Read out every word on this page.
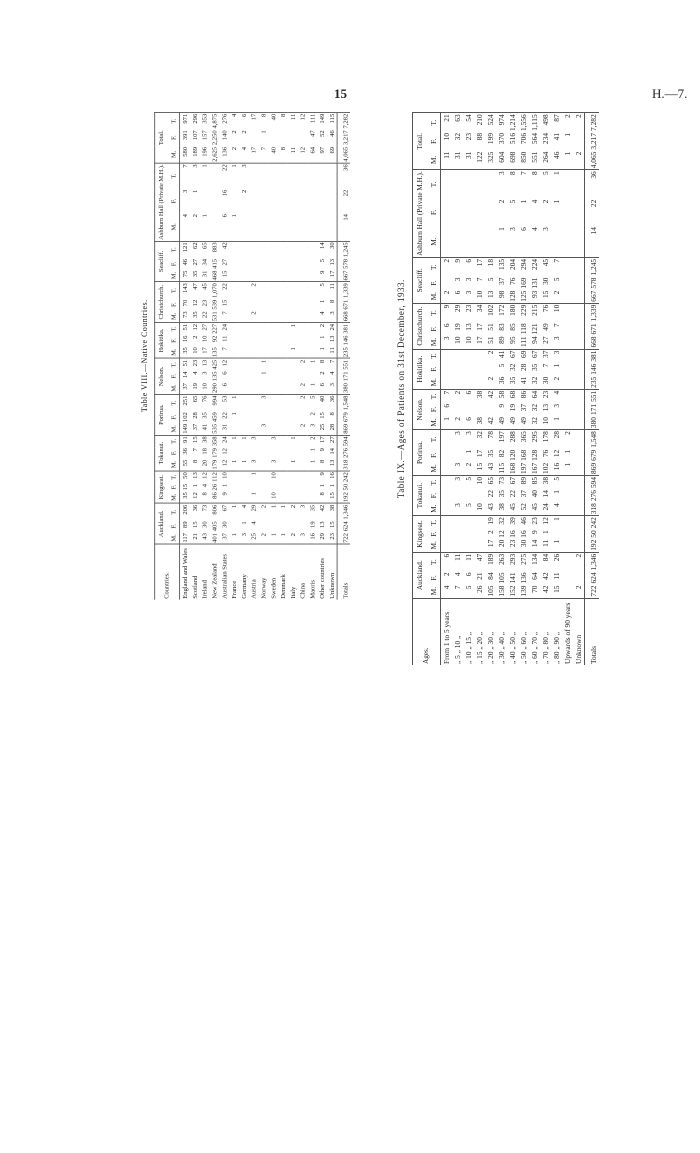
15	H.—7.
Table VIII.—Native Countries.
Countries.	Auckland.			Kingseat.			Tokanui.			Porirua.			Nelson.			Hokitika.			Christchurch.			Seacliff.			Ashburn Hall (Private M.H.).			Total.		
	M.	F.	T.	M.	F.	T.	M.	F.	T.	M.	F.	T.	M.	F.	T.	M.	F.	T.	M.	F.	T.	M.	F.	T.	M.	F.	T.	M.	F.	T.
England and Wales	117	89	206	35	15	50	55	36	91	149	102	251	37	14	51	35	16	51	73	70	143	75	46	121	4	3	7	580	391	971
Scotland	21	15	36	12	1	13	8	7	15	37	28	65	19	4	23	10	2	12	35	12	47	35	27	62	2	1	3	189	107	296
Ireland	43	30	73	8	4	12	20	18	38	41	35	76	10	3	13	17	10	27	22	23	45	31	34	65	1		1	196	157	353
New Zealand	401	405	806	86	26	112	179	179	358	535	459	994	290	135	425	135	92	227	531	539	1,070	468	415	883				2,625	2,250	4,875
Australian States	37	30	67	9	1	10	12	12	24	31	22	53	6	6	12	7	11	24	7	15	22	15	27	42	6	16	22	136	140	276
France	1		1				1		1		1	1													1		1	2	2	4
Germany	3	1	4				1		1																	2	3	4	2	6
Austria	25	4	29	1		1	3		3										2		2							17		17
Norway	2		2							3		3		1	1													7	1	8
Sweden	1		1	10		10	3		3																			40		40
Denmark	1		1																									8		8
Italy	2		2				1		1							1		1										11		11
China	3		3							2		2	2		2													12		12
Maoris	16	19	35				1	1	2	3	2	5	1		1													64	47	111
Other countries	29	13	42	8	1	9	8	9	17	25	15	40	6	2	8	1	1	2	4	1	5	9	5	14				97	52	149
Unknown	23	15	38	15	1	16	13	14	27	28	8	36	3	4	7	11	13	24	3	8	11	17	13	30				69	46	115
Totals	722	624	1,346	192	50	242	318	276	594	869	679	1,548	380	171	551	235	146	381	668	671	1,339	667	578	1,245	14	22	36	4,065	3,217	7,282
Table IX.—Ages of Patients on 31st December, 1933.
Ages.	Auckland.			Kingseat.			Tokanui.			Porirua.			Nelson.			Hokitika.			Christchurch.			Seacliff.			Ashburn Hall (Private M.H.).			Total.		
	M.	F.	T.	M.	F.	T.	M.	F.	T.	M.	F.	T.	M.	F.	T.	M.	F.	T.	M.	F.	T.	M.	F.	T.	M.	F.	T.	M.	F.	T.
From 1 to 5 years	4	2	6										1	6	7				3	6	9	2		2				11	10	21
„ 5 „ 10 „	7	4	11				3		3	3		3	2		2				10	19	29	6	3	9				31	32	63
„ 10 „ 15 „	5	6	11				5		5	2	1	3	6		6				10	13	23	3	3	6				31	23	54
„ 15 „ 20 „	26	21	47				10		10	15	17	32	38		38				17	17	34	10	7	17				122	88	210
„ 20 „ 30 „	105	84	189	17	2	19	43	22	65	43	35	78	42		42	2		2	51	51	102	13	5	18				325	199	524
„ 30 „ 40 „	158	105	263	20	12	32	38	35	73	115	82	197	49	9	58	36	5	41	89	83	172	98	37	135	1	2	3	604	370	974
„ 40 „ 50 „	152	141	293	23	16	39	45	22	67	168	120	288	49	19	68	35	32	67	95	85	180	128	76	204	3	5	8	698	516	1,214
„ 50 „ 60 „	139	136	275	30	16	46	52	37	89	197	168	365	49	37	86	41	28	69	111	118	229	125	169	294	6	1	7	850	706	1,556
„ 60 „ 70 „	70	64	134	14	9	23	45	40	85	167	128	295	32	32	64	32	35	67	94	121	215	93	131	224	4	4	8	551	564	1,115
„ 70 „ 80 „	42	42	84	11	1	12	24	14	38	102	76	178	10	13	23	30	7	37	27	49	76	15	30	45	3	2	5	264	234	498
„ 80 „ 90 „	15	11	26	1		1	4	1	5	16	12	28	1	3	4	2	1	3	3	7	10	2	5	7		1	1	46	41	87
Upwards of 90 years										1	1	2																1	1	2
Unknown	2		2																									2		2
Totals	722	624	1,346	192	50	242	318	276	594	869	679	1,548	380	171	551	235	146	381	668	671	1,339	667	578	1,245	14	22	36	4,065	3,217	7,282
